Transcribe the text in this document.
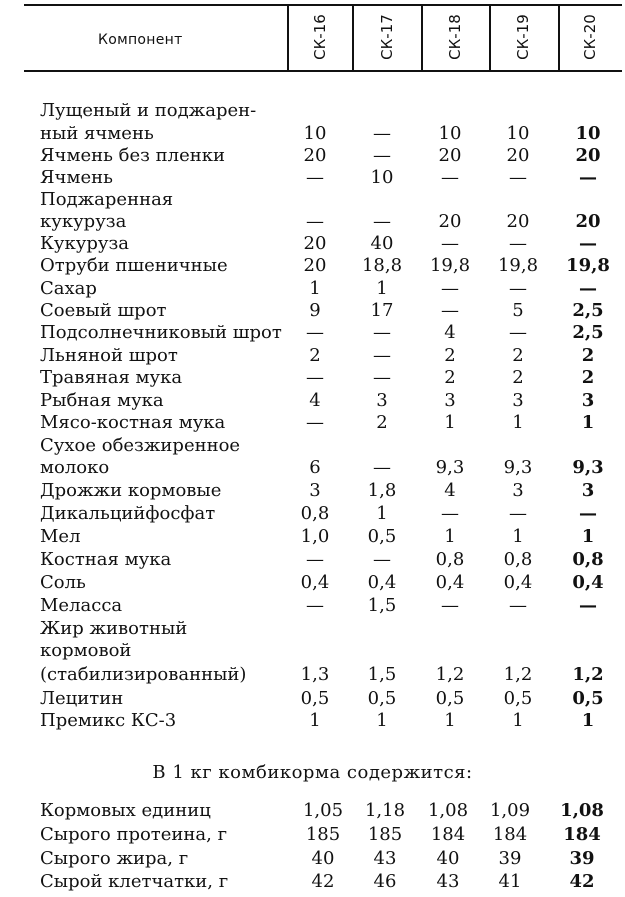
Компонент	СК-16	СК-17	СК-18	СК-19	СК-20
Лущеный и поджарен-
ный ячмень	10	—	10	10	10
Ячмень без пленки	20	—	20	20	20
Ячмень	—	10	—	—	—
Поджаренная
кукуруза	—	—	20	20	20
Кукуруза	20	40	—	—	—
Отруби пшеничные	20	18,8	19,8	19,8	19,8
Сахар	1	1	—	—	—
Соевый шрот	9	17	—	5	2,5
Подсолнечниковый шрот	—	—	4	—	2,5
Льняной шрот	2	—	2	2	2
Травяная мука	—	—	2	2	2
Рыбная мука	4	3	3	3	3
Мясо-костная мука	—	2	1	1	1
Сухое обезжиренное
молоко	6	—	9,3	9,3	9,3
Дрожжи кормовые	3	1,8	4	3	3
Дикальцийфосфат	0,8	1	—	—	—
Мел	1,0	0,5	1	1	1
Костная мука	—	—	0,8	0,8	0,8
Соль	0,4	0,4	0,4	0,4	0,4
Меласса	—	1,5	—	—	—
Жир животный
кормовой
(стабилизированный)	1,3	1,5	1,2	1,2	1,2
Лецитин	0,5	0,5	0,5	0,5	0,5
Премикс КС-3	1	1	1	1	1
В 1 кг комбикорма содержится:
Кормовых единиц	1,05	1,18	1,08	1,09	1,08
Сырого протеина, г	185	185	184	184	184
Сырого жира, г	40	43	40	39	39
Сырой клетчатки, г	42	46	43	41	42
